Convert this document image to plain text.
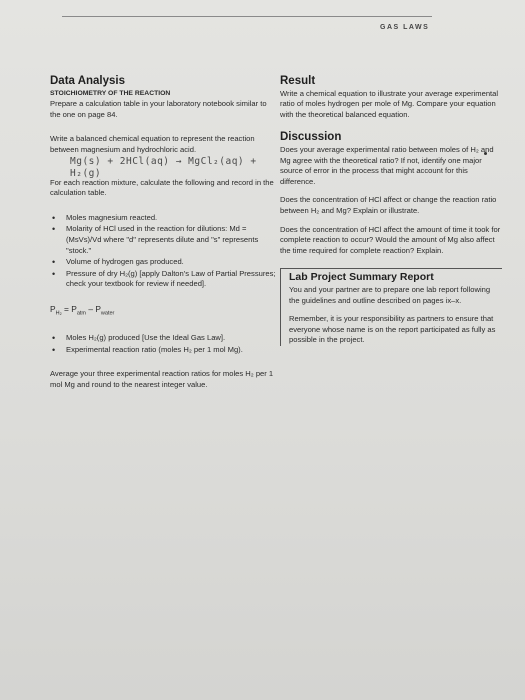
GAS LAWS
Data Analysis
STOICHIOMETRY OF THE REACTION

Prepare a calculation table in your laboratory notebook similar to the one on page 84.

Write a balanced chemical equation to represent the reaction between magnesium and hydrochloric acid.

Mg(s) + 2HCl(aq) → MgCl₂(aq) + H₂(g)

For each reaction mixture, calculate the following and record in the calculation table.

• Moles magnesium reacted.
• Molarity of HCl used in the reaction for dilutions: Md = (MsVs)/Vd where "d" represents dilute and "s" represents "stock."
• Volume of hydrogen gas produced.
• Pressure of dry H₂(g) [apply Dalton's Law of Partial Pressures; check your textbook for review if needed].
$P_{H_2} = P_{atm} - P_{water}$
• Moles H₂(g) produced [Use the Ideal Gas Law].
• Experimental reaction ratio (moles H₂ per 1 mol Mg).

Average your three experimental reaction ratios for moles H₂ per 1 mol Mg and round to the nearest integer value.

Result

Write a chemical equation to illustrate your average experimental ratio of moles hydrogen per mole of Mg. Compare your equation with the theoretical balanced equation.

Discussion

Does your average experimental ratio between moles of H₂ and Mg agree with the theoretical ratio? If not, identify one major source of error in the process that might account for this difference.

Does the concentration of HCl affect or change the reaction ratio between H₂ and Mg? Explain or illustrate.

Does the concentration of HCl affect the amount of time it took for complete reaction to occur? Would the amount of Mg also affect the time required for complete reaction? Explain.

Lab Project Summary Report

You and your partner are to prepare one lab report following the guidelines and outline described on pages ix–x.

Remember, it is your responsibility as partners to ensure that everyone whose name is on the report participated as fully as possible in the project.
